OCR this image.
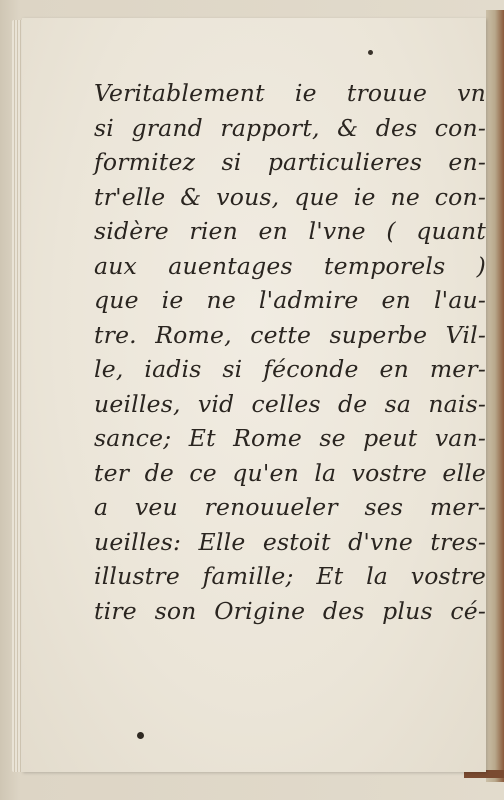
Veritablement ie trouue vn
si grand rapport, & des con-
formitez si particulieres en-
tr'elle & vous, que ie ne con-
sidère rien en l'vne ( quant
aux auentages temporels )
que ie ne l'admire en l'au-
tre. Rome, cette superbe Vil-
le, iadis si féconde en mer-
ueilles, vid celles de sa nais-
sance; Et Rome se peut van-
ter de ce qu'en la vostre elle
a veu renouueler ses mer-
ueilles: Elle estoit d'vne tres-
illustre famille; Et la vostre
tire son Origine des plus cé-
